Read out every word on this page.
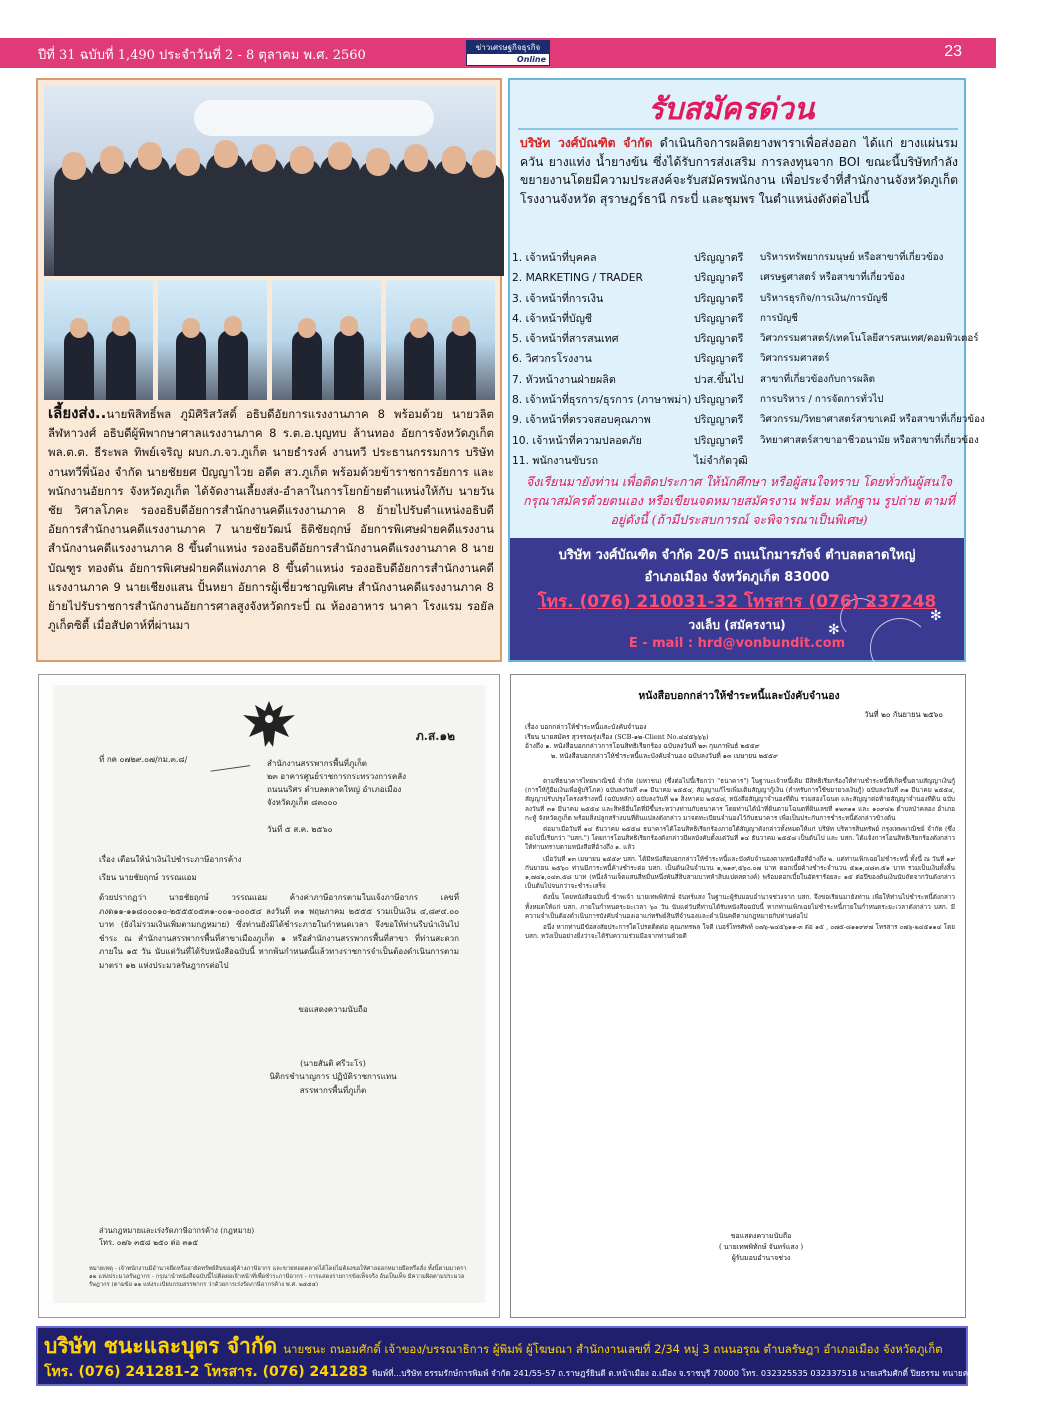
ปีที่ 31 ฉบับที่ 1,490 ประจำวันที่ 2 - 8 ตุลาคม พ.ศ. 2560
ข่าวเศรษฐกิจธุรกิจ
Online	23
เลี้ยงส่ง..นายพิสิทธิ์พล ภูมิศิริสวัสดิ์ อธิบดีอัยการแรงงานภาค 8 พร้อมด้วย นายวลิต ลีฬหาวงศ์ อธิบดีผู้พิพากษาศาลแรงงานภาค 8 ร.ต.อ.บุญทบ ล้านทอง อัยการจังหวัดภูเก็ต พล.ต.ต. ธีระพล ทิพย์เจริญ ผบก.ภ.จว.ภูเก็ต นายธำรงค์ งานทวี ประธานกรรมการ บริษัท งานทวีพี่น้อง จำกัด นายชัยยศ ปัญญาไวย อดีต สว.ภูเก็ต พร้อมด้วยข้าราชการอัยการ และพนักงานอัยการ จังหวัดภูเก็ต ได้จัดงานเลี้ยงส่ง-อำลาในการโยกย้ายตำแหน่งให้กับ นายวันชัย วิศาลโภคะ รองอธิบดีอัยการสำนักงานคดีแรงงานภาค 8 ย้ายไปรับตำแหน่งอธิบดีอัยการสำนักงานคดีแรงงานภาค 7 นายชัยวัฒน์ ธิติชัยฤกษ์ อัยการพิเศษฝ่ายคดีแรงงาน สำนักงานคดีแรงงานภาค 8 ขึ้นตำแหน่ง รองอธิบดีอัยการสำนักงานคดีแรงงานภาค 8 นายบัณฑูร ทองตัน อัยการพิเศษฝ่ายคดีแพ่งภาค 8 ขึ้นตำแหน่ง รองอธิบดีอัยการสำนักงานคดีแรงงานภาค 9 นายเชียงแสน ปั้นหยา อัยการผู้เชี่ยวชาญพิเศษ สำนักงานคดีแรงงานภาค 8 ย้ายไปรับราชการสำนักงานอัยการศาลสูงจังหวัดกระบี่ ณ ห้องอาหาร นาคา โรงแรม รอยัลภูเก็ตซิตี้ เมื่อสัปดาห์ที่ผ่านมา
รับสมัครด่วน
บริษัท วงศ์บัณฑิต จำกัด ดำเนินกิจการผลิตยางพาราเพื่อส่งออก ได้แก่ ยางแผ่นรมควัน ยางแท่ง น้ำยางข้น ซึ่งได้รับการส่งเสริม การลงทุนจาก BOI ขณะนี้บริษัทกำลังขยายงานโดยมีความประสงค์จะรับสมัครพนักงาน เพื่อประจำที่สำนักงานจังหวัดภูเก็ต โรงงานจังหวัด สุราษฎร์ธานี กระบี่ และชุมพร ในตำแหน่งดังต่อไปนี้
1. เจ้าหน้าที่บุคคล	ปริญญาตรี	บริหารทรัพยากรมนุษย์ หรือสาขาที่เกี่ยวข้อง
2. MARKETING / TRADER	ปริญญาตรี	เศรษฐศาสตร์ หรือสาขาที่เกี่ยวข้อง
3. เจ้าหน้าที่การเงิน	ปริญญาตรี	บริหารธุรกิจ/การเงิน/การบัญชี
4. เจ้าหน้าที่บัญชี	ปริญญาตรี	การบัญชี
5. เจ้าหน้าที่สารสนเทศ	ปริญญาตรี	วิศวกรรมศาสตร์/เทคโนโลยีสารสนเทศ/คอมพิวเตอร์
6. วิศวกรโรงงาน	ปริญญาตรี	วิศวกรรมศาสตร์
7. หัวหน้างานฝ่ายผลิต	ปวส.ขึ้นไป	สาขาที่เกี่ยวข้องกับการผลิต
8. เจ้าหน้าที่ธุรการ/ธุรการ (ภาษาพม่า) ปริญญาตรี	การบริหาร / การจัดการทั่วไป
9. เจ้าหน้าที่ตรวจสอบคุณภาพ	ปริญญาตรี	วิศวกรรม/วิทยาศาสตร์สาขาเคมี หรือสาขาที่เกี่ยวข้อง
10. เจ้าหน้าที่ความปลอดภัย	ปริญญาตรี	วิทยาศาสตร์สาขาอาชีวอนามัย หรือสาขาที่เกี่ยวข้อง
11. พนักงานขับรถ	ไม่จำกัดวุฒิ
จึงเรียนมายังท่าน เพื่อติดประกาศ ให้นักศึกษา หรือผู้สนใจทราบ โดยทั่วกันผู้สนใจกรุณาสมัครด้วยตนเอง หรือเขียนจดหมายสมัครงาน พร้อม หลักฐาน รูปถ่าย ตามที่อยู่ดังนี้ (ถ้ามีประสบการณ์ จะพิจารณาเป็นพิเศษ)
✻
✻
บริษัท วงศ์บัณฑิต จำกัด 20/5 ถนนโกมารภัจจ์ ตำบลตลาดใหญ่
อำเภอเมือง จังหวัดภูเก็ต 83000
โทร. (076) 210031-32 โทรสาร (076) 237248
วงเล็บ (สมัครงาน)
E - mail : hrd@vonbundit.com
ภ.ส.๑๒
ที่ กค ๐๗๒๙.๐๗/กม.๓.๘/	สำนักงานสรรพากรพื้นที่ภูเก็ต
๒๓ อาคารศูนย์ราชการกระทรวงการคลัง
ถนนนริศร ตำบลตลาดใหญ่ อำเภอเมือง
จังหวัดภูเก็ต ๘๓๐๐๐
วันที่ ๕ ส.ค. ๒๕๖๐
เรื่อง เตือนให้นำเงินไปชำระภาษีอากรค้าง
เรียน นายชัยฤกษ์ วรรณแอม
ด้วยปรากฏว่า นายชัยฤกษ์ วรรณแอม ค้างค่าภาษีอากรตามใบแจ้งภาษีอากร เลขที่ ภงด๑๑-๑๑๘๐๐๐๑๐-๒๕๕๕๐๕๓๑-๐๐๑-๐๐๐๕๔ ลงวันที่ ๓๑ พฤษภาคม ๒๕๕๕ รวมเป็นเงิน ๔,๘๙๔.๐๐ บาท (ยังไม่รวมเงินเพิ่มตามกฎหมาย) ซึ่งท่านยังมิได้ชำระภายในกำหนดเวลา จึงขอให้ท่านรีบนำเงินไปชำระ ณ สำนักงานสรรพากรพื้นที่สาขาเมืองภูเก็ต ๑ หรือสำนักงานสรรพากรพื้นที่สาขา ที่ท่านสะดวก ภายใน ๑๕ วัน นับแต่วันที่ได้รับหนังสือฉบับนี้ หากพ้นกำหนดนี้แล้วทางราชการจำเป็นต้องดำเนินการตามมาตรา ๑๒ แห่งประมวลรัษฎากรต่อไป
ขอแสดงความนับถือ
(นายสันติ ศรีวะโร)
นิติกรชำนาญการ ปฏิบัติราชการแทน
สรรพากรพื้นที่ภูเก็ต
ส่วนกฎหมายและเร่งรัดภาษีอากรค้าง (กฎหมาย)
โทร. ๐๗๖ ๓๕๘ ๒๕๐ ต่อ ๓๑๕
หมายเหตุ - เจ้าพนักงานมีอำนาจยึดหรืออายัดทรัพย์สินของผู้ค้างภาษีอากร และขายทอดตลาดได้โดยไม่ต้องขอให้ศาลออกหมายยึดหรือสั่ง ทั้งนี้ตามมาตรา ๑๒ แห่งประมวลรัษฎากร - กรุณานำหนังสือฉบับนี้ไปติดต่อเจ้าหน้าที่เพื่อชำระภาษีอากร - การแสดงรายการข้อเท็จจริง อันเป็นเท็จ มีความผิดตามประมวลรัษฎากร (ตามข้อ ๑๑ แห่งระเบียบกรมสรรพากร ว่าด้วยการเร่งรัดภาษีอากรค้าง พ.ศ. ๒๕๕๕)
หนังสือบอกกล่าวให้ชำระหนี้และบังคับจำนอง
วันที่ ๒๐ กันยายน ๒๕๖๐
เรื่อง บอกกล่าวให้ชำระหนี้และบังคับจำนอง
เรียน นายสมัคร สุวรรณรุ่งเรือง (SCB-๑๒-Client No.๔๔๕๖๖๖)
อ้างถึง ๑. หนังสือบอกกล่าวการโอนสิทธิเรียกร้อง ฉบับลงวันที่ ๒๓ กุมภาพันธ์ ๒๕๕๙
๒. หนังสือบอกกล่าวให้ชำระหนี้และบังคับจำนอง ฉบับลงวันที่ ๑๓ เมษายน ๒๕๕๙

ตามที่ธนาคารไทยพาณิชย์ จำกัด (มหาชน) (ซึ่งต่อไปนี้เรียกว่า "ธนาคาร") ในฐานะเจ้าหนี้เดิม มีสิทธิเรียกร้องให้ท่านชำระหนี้ที่เกิดขึ้นตามสัญญาเงินกู้ (การให้กู้ยืมเงินเพื่อผู้บริโภค) ฉบับลงวันที่ ๓๑ มีนาคม ๒๕๕๔, สัญญาแก้ไขเพิ่มเติมสัญญากู้เงิน (สำหรับการใช้ขยายวงเงินกู้) ฉบับลงวันที่ ๓๑ มีนาคม ๒๕๕๔, สัญญาปรับปรุงโครงสร้างหนี้ (ฉบับหลัก) ฉบับลงวันที่ ๒๑ สิงหาคม ๒๕๕๘, หนังสือสัญญาจำนองที่ดิน รวมสองโฉนด และสัญญาต่อท้ายสัญญาจำนองที่ดิน ฉบับลงวันที่ ๓๑ มีนาคม ๒๕๕๔ และสิทธิอื่นใดที่มีขึ้นระหว่างท่านกับธนาคาร โดยท่านได้นำที่ดินตามโฉนดที่ดินเลขที่ ๑๒๓๑๑ และ ๑๐๙๔๒ ตำบลป่าคลอง อำเภอกะทู้ จังหวัดภูเก็ต พร้อมสิ่งปลูกสร้างบนที่ดินแปลงดังกล่าว มาจดทะเบียนจำนองไว้กับธนาคาร เพื่อเป็นประกันการชำระหนี้ดังกล่าวข้างต้น

ต่อมาเมื่อวันที่ ๑๔ ธันวาคม ๒๕๕๘ ธนาคารได้โอนสิทธิเรียกร้องภายใต้สัญญาดังกล่าวทั้งหมดให้แก่ บริษัท บริหารสินทรัพย์ กรุงเทพพาณิชย์ จำกัด (ซึ่งต่อไปนี้เรียกว่า "บสก.") โดยการโอนสิทธิเรียกร้องดังกล่าวมีผลบังคับตั้งแต่วันที่ ๑๔ ธันวาคม ๒๕๕๘ เป็นต้นไป และ บสก. ได้แจ้งการโอนสิทธิเรียกร้องดังกล่าวให้ท่านทราบตามหนังสือที่อ้างถึง ๑. แล้ว

เมื่อวันที่ ๑๓ เมษายน ๒๕๕๙ บสก. ได้มีหนังสือบอกกล่าวให้ชำระหนี้และบังคับจำนองตามหนังสือที่อ้างถึง ๒. แต่ท่านเพิกเฉยไม่ชำระหนี้ ทั้งนี้ ณ วันที่ ๑๙ กันยายน ๒๕๖๐ ท่านมีภาระหนี้ค้างชำระต่อ บสก. เป็นต้นเงินจำนวน ๑,๒๑๙,๕๖๐.๐๗ บาท ดอกเบี้ยค้างชำระจำนวน ๕๒๑,๔๘๓.๕๑ บาท รวมเป็นเงินทั้งสิ้น ๑,๗๔๑,๐๔๓.๕๘ บาท (หนึ่งล้านเจ็ดแสนสี่หมื่นหนึ่งพันสี่สิบสามบาทห้าสิบแปดสตางค์) พร้อมดอกเบี้ยในอัตราร้อยละ ๑๕ ต่อปีของต้นเงินนับถัดจากวันดังกล่าวเป็นต้นไปจนกว่าจะชำระเสร็จ

ดังนั้น โดยหนังสือฉบับนี้ ข้าพเจ้า นายเทพพิทักษ์ จันทร์แสง ในฐานะผู้รับมอบอำนาจช่วงจาก บสก. จึงขอเรียนมายังท่าน เพื่อให้ท่านไปชำระหนี้ดังกล่าวทั้งหมดให้แก่ บสก. ภายในกำหนดระยะเวลา ๖๐ วัน นับแต่วันที่ท่านได้รับหนังสือฉบับนี้ หากท่านเพิกเฉยไม่ชำระหนี้ภายในกำหนดระยะเวลาดังกล่าว บสก. มีความจำเป็นต้องดำเนินการบังคับจำนองเอาแก่ทรัพย์สินที่จำนองและดำเนินคดีตามกฎหมายกับท่านต่อไป

อนึ่ง หากท่านมีข้อสงสัยประการใดโปรดติดต่อ คุณภทรพล ใจดี เบอร์โทรศัพท์ ๐๗๖-๒๔๕๖๑๑-๓ ต่อ ๑๕ , ๐๗๕-๘๑๑๙๙๗ โทรสาร ๐๗๖-๒๔๕๑๑๔ โดย บสก. หวังเป็นอย่างยิ่งว่าจะได้รับความร่วมมือจากท่านด้วยดี

ขอแสดงความนับถือ
( นายเทพพิทักษ์ จันทร์แสง )
ผู้รับมอบอำนาจช่วง
บริษัท ชนะและบุตร จำกัด นายชนะ ถนอมศักดิ์ เจ้าของ/บรรณาธิการ ผู้พิมพ์ ผู้โฆษณา สำนักงานเลขที่ 2/34 หมู่ 3 ถนนอรุณ ตำบลรัษฎา อำเภอเมือง จังหวัดภูเก็ต
โทร. (076) 241281-2 โทรสาร. (076) 241283 พิมพ์ที่...บริษัท ธรรมรักษ์การพิมพ์ จำกัด 241/55-57 ถ.ราษฎร์ยินดี ต.หน้าเมือง อ.เมือง จ.ราชบุรี 70000 โทร. 032325535 032337518 นายเสริมศักดิ์ ปิยธรรม ทนายความที่ปรึกษากฎหมาย
